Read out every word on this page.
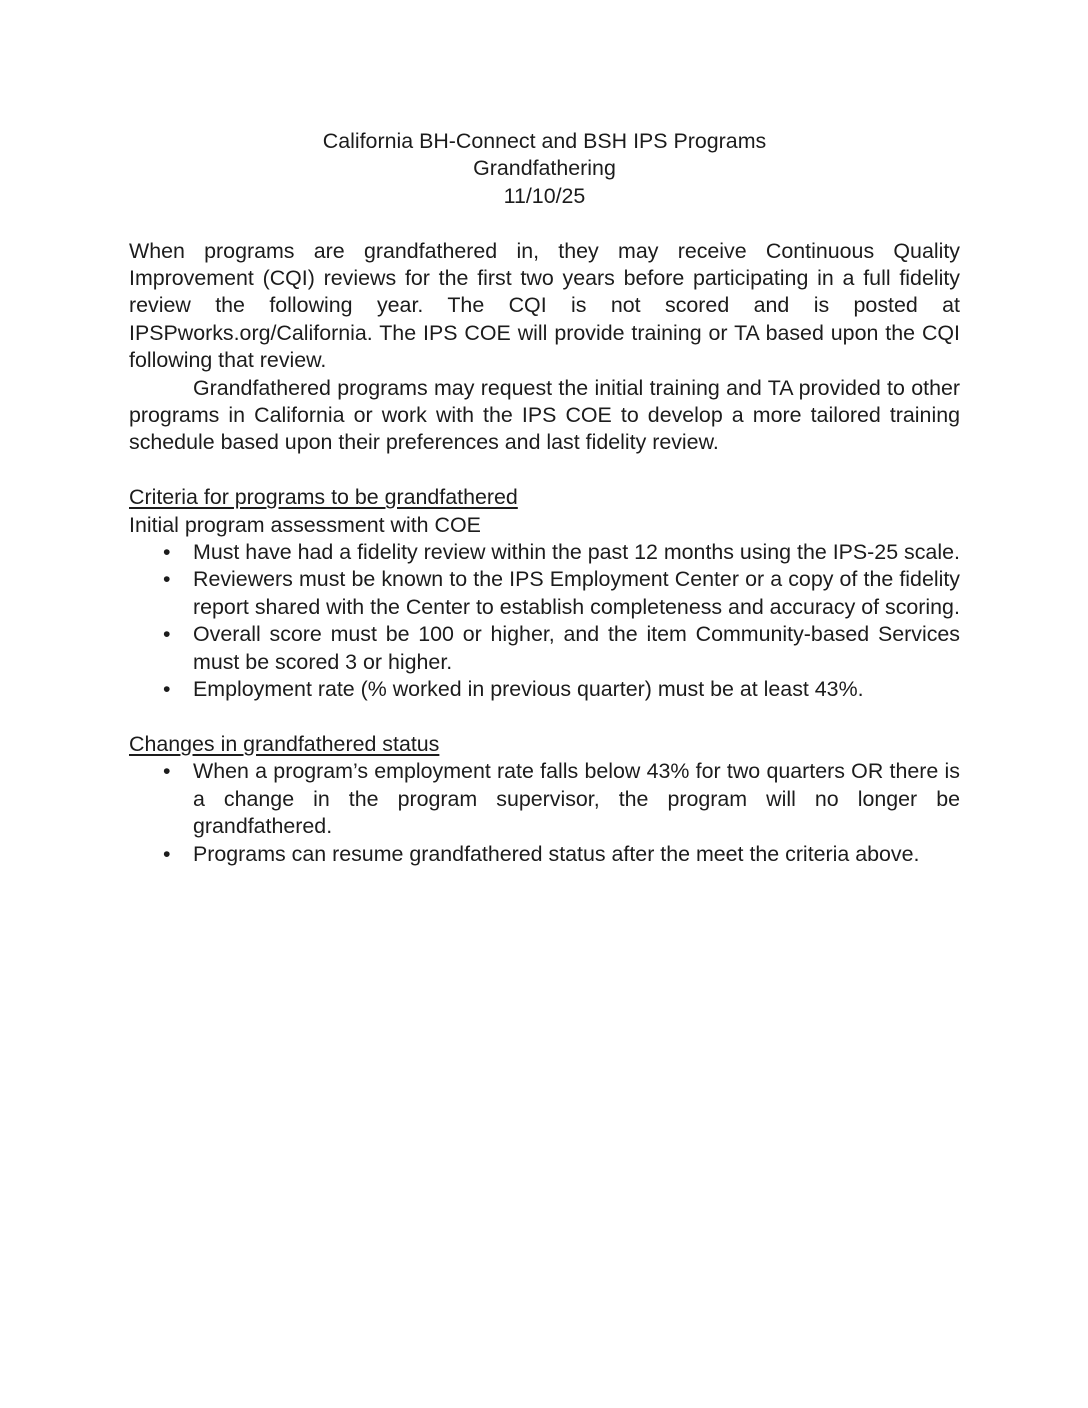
California BH-Connect and BSH IPS Programs
Grandfathering
11/10/25

When programs are grandfathered in, they may receive Continuous Quality Improvement (CQI) reviews for the first two years before participating in a full fidelity review the following year. The CQI is not scored and is posted at IPSPworks.org/California. The IPS COE will provide training or TA based upon the CQI following that review.

Grandfathered programs may request the initial training and TA provided to other programs in California or work with the IPS COE to develop a more tailored training schedule based upon their preferences and last fidelity review.

Criteria for programs to be grandfathered

Initial program assessment with COE

• Must have had a fidelity review within the past 12 months using the IPS-25 scale.
• Reviewers must be known to the IPS Employment Center or a copy of the fidelity report shared with the Center to establish completeness and accuracy of scoring.
• Overall score must be 100 or higher, and the item Community-based Services must be scored 3 or higher.
• Employment rate (% worked in previous quarter) must be at least 43%.
Changes in grandfathered status
• When a program’s employment rate falls below 43% for two quarters OR there is a change in the program supervisor, the program will no longer be grandfathered.
• Programs can resume grandfathered status after the meet the criteria above.
